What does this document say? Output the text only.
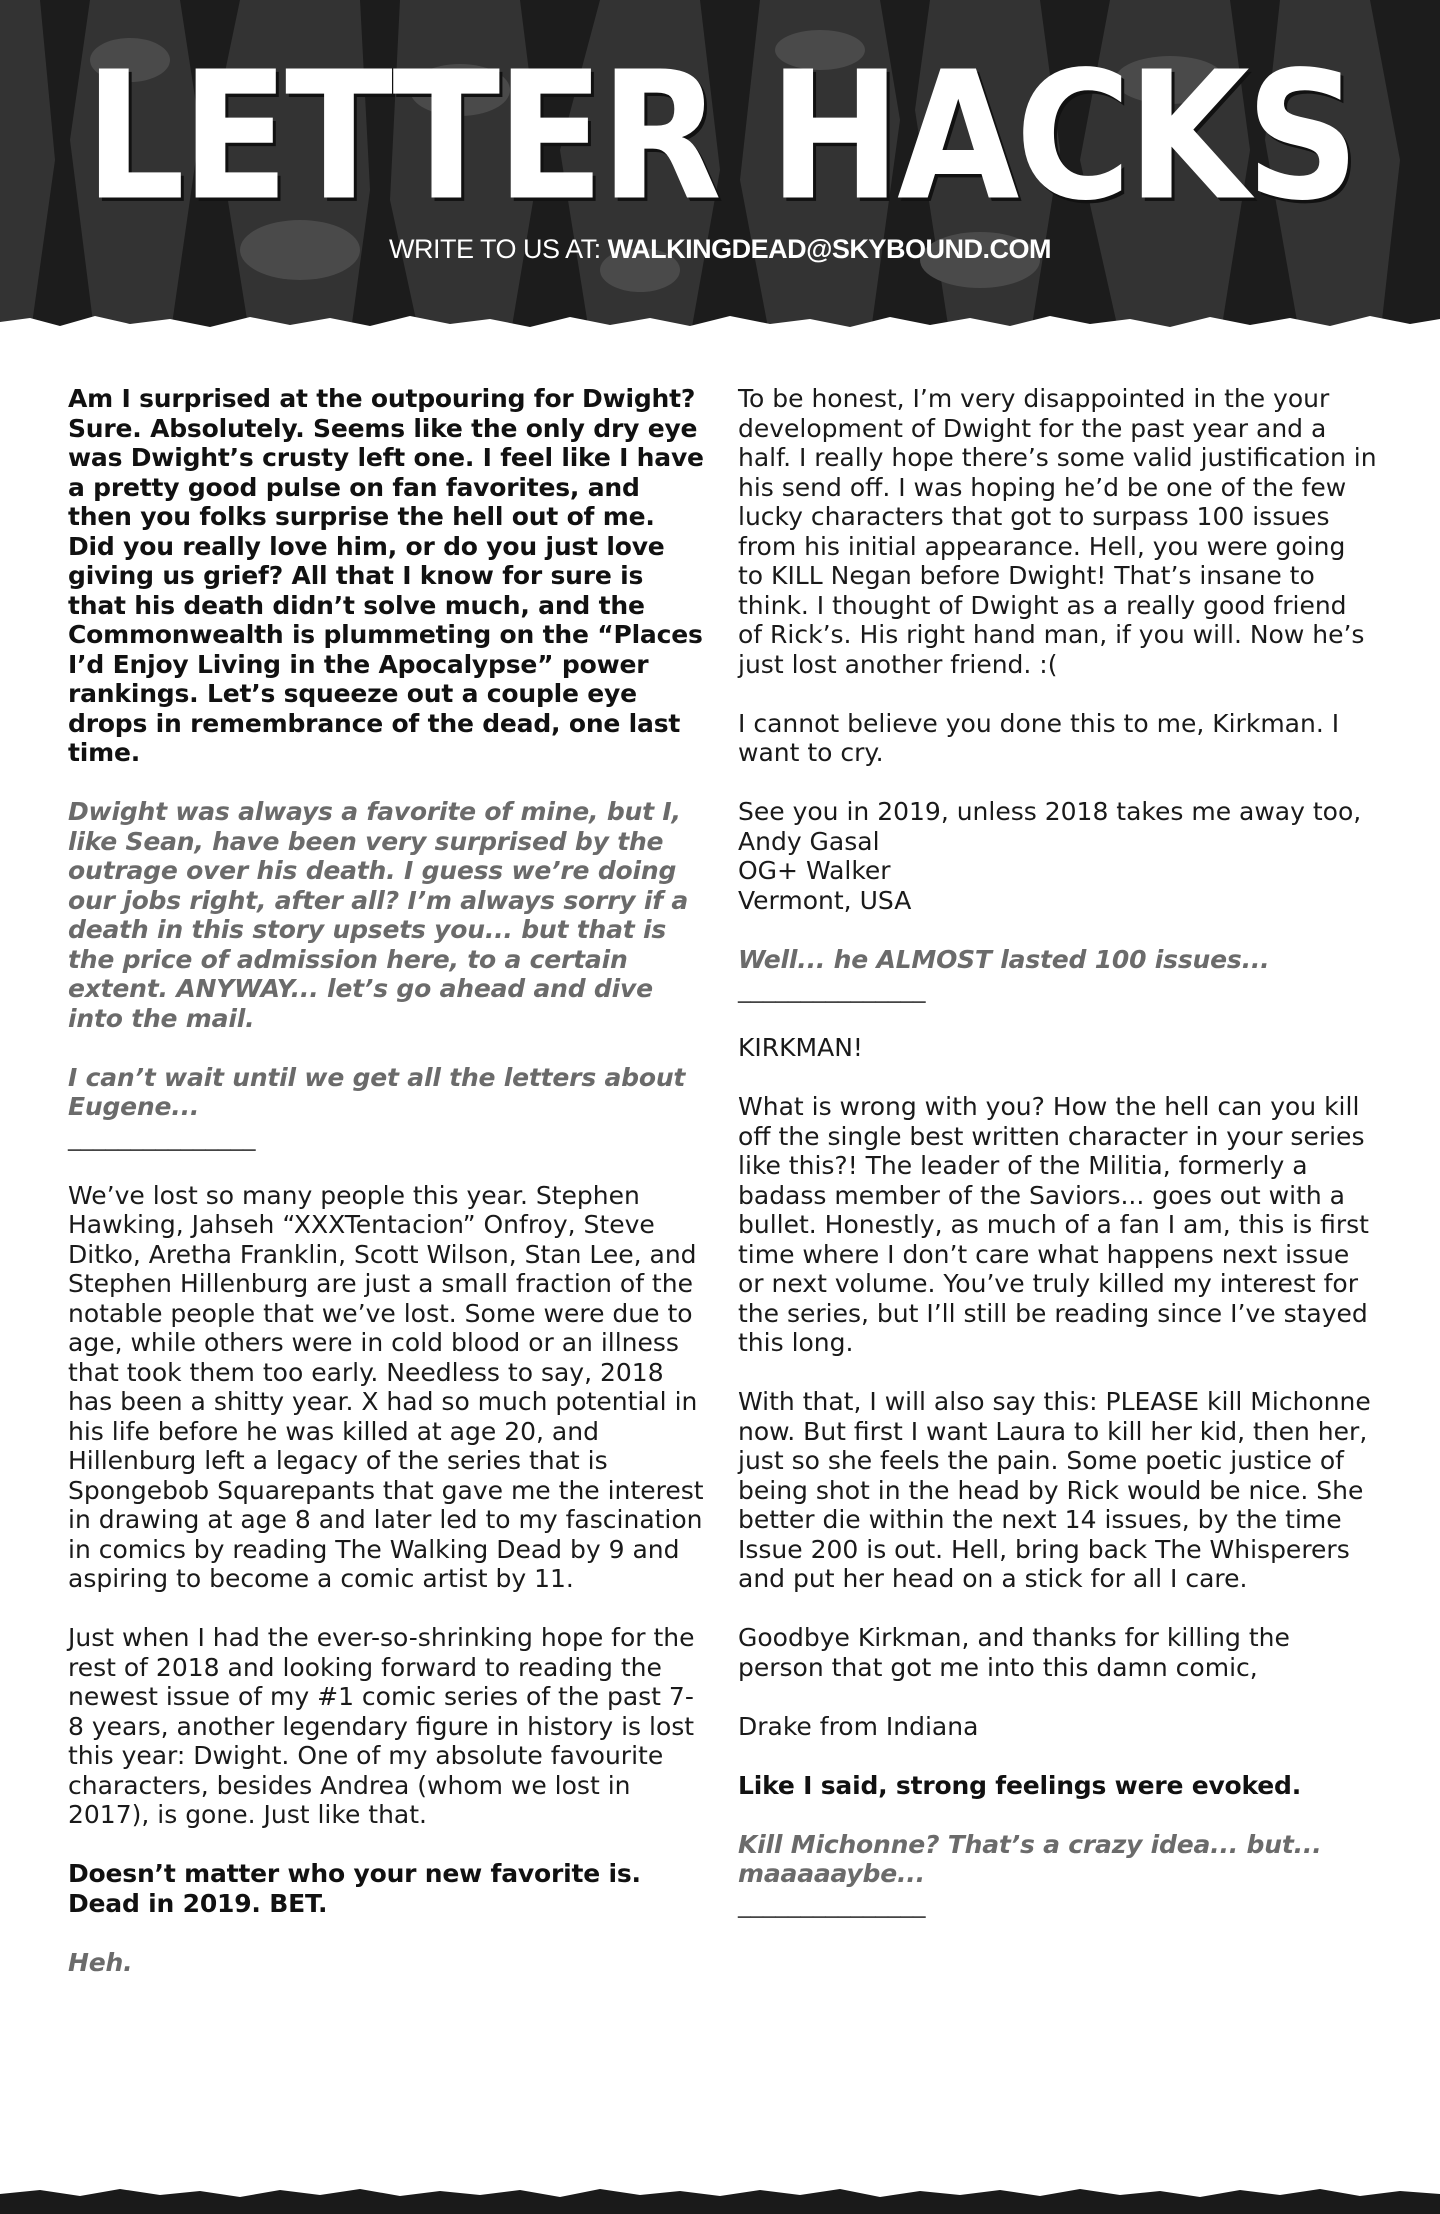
LETTER HACKS
WRITE TO US AT: WALKINGDEAD@SKYBOUND.COM

Am I surprised at the outpouring for Dwight? Sure. Absolutely. Seems like the only dry eye was Dwight’s crusty left one. I feel like I have a pretty good pulse on fan favorites, and then you folks surprise the hell out of me. Did you really love him, or do you just love giving us grief? All that I know for sure is that his death didn’t solve much, and the Commonwealth is plummeting on the “Places I’d Enjoy Living in the Apocalypse” power rankings. Let’s squeeze out a couple eye drops in remembrance of the dead, one last time.

Dwight was always a favorite of mine, but I, like Sean, have been very surprised by the outrage over his death. I guess we’re doing our jobs right, after all? I’m always sorry if a death in this story upsets you... but that is the price of admission here, to a certain extent. ANYWAY... let’s go ahead and dive into the mail.

I can’t wait until we get all the letters about Eugene...

_______________

We’ve lost so many people this year. Stephen Hawking, Jahseh “XXXTentacion” Onfroy, Steve Ditko, Aretha Franklin, Scott Wilson, Stan Lee, and Stephen Hillenburg are just a small fraction of the notable people that we’ve lost. Some were due to age, while others were in cold blood or an illness that took them too early. Needless to say, 2018 has been a shitty year. X had so much potential in his life before he was killed at age 20, and Hillenburg left a legacy of the series that is Spongebob Squarepants that gave me the interest in drawing at age 8 and later led to my fascination in comics by reading The Walking Dead by 9 and aspiring to become a comic artist by 11.

Just when I had the ever-so-shrinking hope for the rest of 2018 and looking forward to reading the newest issue of my #1 comic series of the past 7-8 years, another legendary figure in history is lost this year: Dwight. One of my absolute favourite characters, besides Andrea (whom we lost in 2017), is gone. Just like that.

Doesn’t matter who your new favorite is. Dead in 2019. BET.

Heh.

To be honest, I’m very disappointed in the your development of Dwight for the past year and a half. I really hope there’s some valid justification in his send off. I was hoping he’d be one of the few lucky characters that got to surpass 100 issues from his initial appearance. Hell, you were going to KILL Negan before Dwight! That’s insane to think. I thought of Dwight as a really good friend of Rick’s. His right hand man, if you will. Now he’s just lost another friend. :(

I cannot believe you done this to me, Kirkman. I want to cry.

See you in 2019, unless 2018 takes me away too,
Andy Gasal
OG+ Walker
Vermont, USA

Well... he ALMOST lasted 100 issues...

_______________

KIRKMAN!

What is wrong with you? How the hell can you kill off the single best written character in your series like this?! The leader of the Militia, formerly a badass member of the Saviors... goes out with a bullet. Honestly, as much of a fan I am, this is first time where I don’t care what happens next issue or next volume. You’ve truly killed my interest for the series, but I’ll still be reading since I’ve stayed this long.

With that, I will also say this: PLEASE kill Michonne now. But first I want Laura to kill her kid, then her, just so she feels the pain. Some poetic justice of being shot in the head by Rick would be nice. She better die within the next 14 issues, by the time Issue 200 is out. Hell, bring back The Whisperers and put her head on a stick for all I care.

Goodbye Kirkman, and thanks for killing the person that got me into this damn comic,

Drake from Indiana

Like I said, strong feelings were evoked.

Kill Michonne? That’s a crazy idea... but... maaaaaybe...

_______________
